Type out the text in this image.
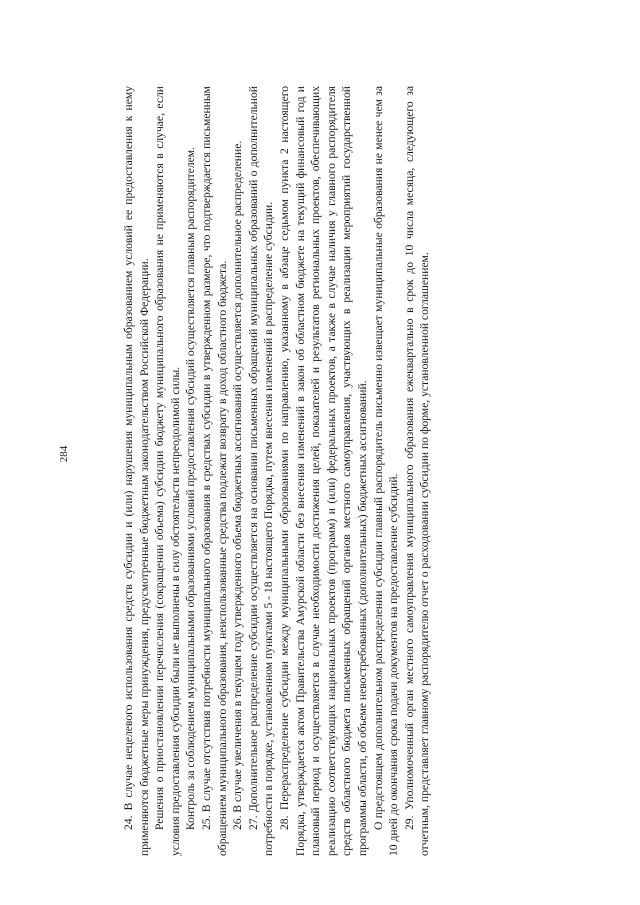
284	24. В случае нецелевого использования средств субсидии и (или) нарушения муниципальным образованием условий ее предоставления к нему применяются бюджетные меры принуждения, предусмотренные бюджетным законодательством Российской Федерации. Решения о приостановлении перечисления (сокращении объема) субсидии бюджету муниципального образования не применяются в случае, если условия предоставления субсидии были не выполнены в силу обстоятельств непреодолимой силы. Контроль за соблюдением муниципальными образованиями условий предоставления субсидий осуществляется главным распорядителем. 25. В случае отсутствия потребности муниципального образования в средствах субсидии в утвержденном размере, что подтверждается письменным обращением муниципального образования, неиспользованные средства подлежат возврату в доход областного бюджета. 26. В случае увеличения в текущем году утвержденного объема бюджетных ассигнований осуществляется дополнительное распределение. 27. Дополнительное распределение субсидии осуществляется на основании письменных обращений муниципальных образований о дополнительной потребности в порядке, установленном пунктами 5 - 18 настоящего Порядка, путем внесения изменений в распределение субсидии. 28. Перераспределение субсидии между муниципальными образованиями по направлению, указанному в абзаце седьмом пункта 2 настоящего Порядка, утверждается актом Правительства Амурской области без внесения изменений в закон об областном бюджете на текущий финансовый год и плановый период и осуществляется в случае необходимости достижения целей, показателей и результатов региональных проектов, обеспечивающих реализацию соответствующих национальных проектов (программ) и (или) федеральных проектов, а также в случае наличия у главного распорядителя средств областного бюджета письменных обращений органов местного самоуправления, участвующих в реализации мероприятий государственной программы области, об объеме невостребованных (дополнительных) бюджетных ассигнований. О предстоящем дополнительном распределении субсидии главный распорядитель письменно извещает муниципальные образования не менее чем за 10 дней до окончания срока подачи документов на предоставление субсидий. 29. Уполномоченный орган местного самоуправления муниципального образования ежеквартально в срок до 10 числа месяца, следующего за отчетным, представляет главному распорядителю отчет о расходовании субсидии по форме, установленной соглашением.
